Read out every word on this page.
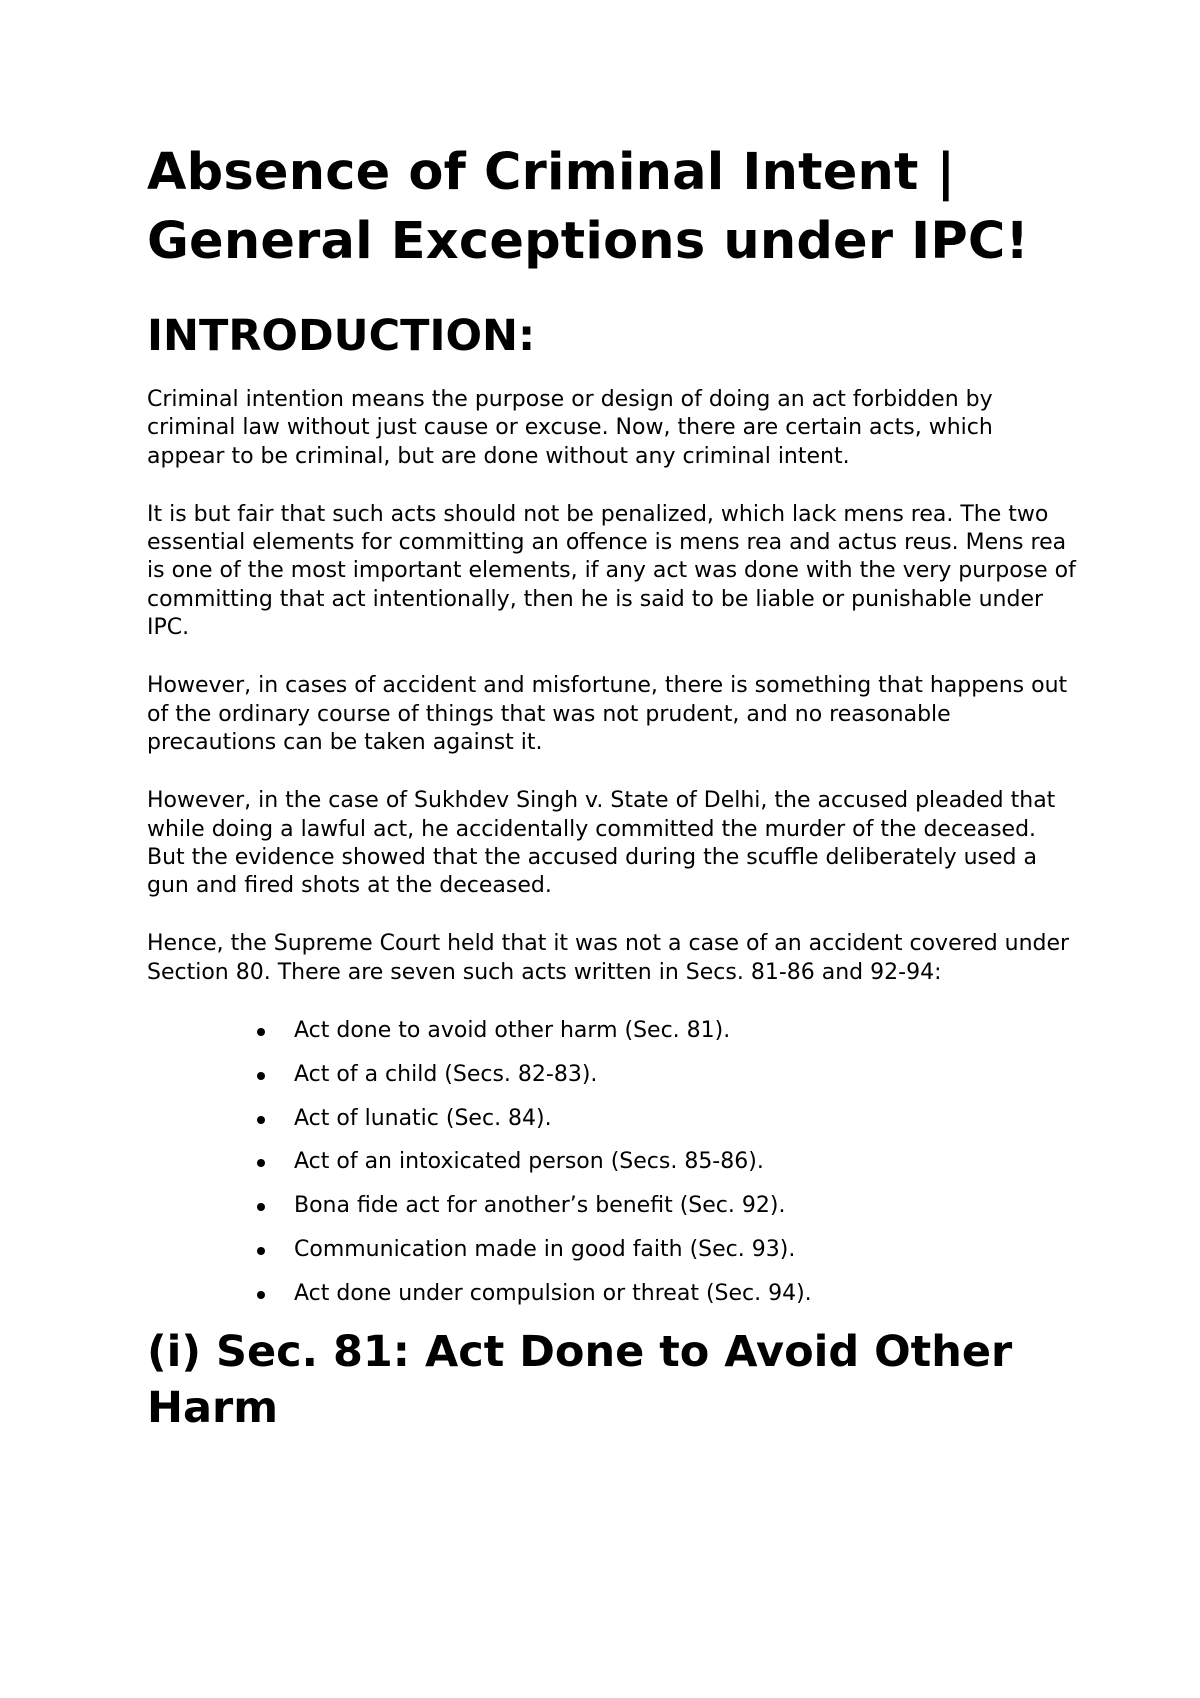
Absence of Criminal Intent | General Exceptions under IPC!
INTRODUCTION:

Criminal intention means the purpose or design of doing an act forbidden by criminal law without just cause or excuse. Now, there are certain acts, which appear to be criminal, but are done without any criminal intent.

It is but fair that such acts should not be penalized, which lack mens rea. The two essential elements for committing an offence is mens rea and actus reus. Mens rea is one of the most important elements, if any act was done with the very purpose of committing that act intentionally, then he is said to be liable or punishable under IPC.

However, in cases of accident and misfortune, there is something that happens out of the ordinary course of things that was not prudent, and no reasonable precautions can be taken against it.

However, in the case of Sukhdev Singh v. State of Delhi, the accused pleaded that while doing a lawful act, he accidentally committed the murder of the deceased. But the evidence showed that the accused during the scuffle deliberately used a gun and fired shots at the deceased.

Hence, the Supreme Court held that it was not a case of an accident covered under Section 80. There are seven such acts written in Secs. 81-86 and 92-94:

Act done to avoid other harm (Sec. 81).
Act of a child (Secs. 82-83).
Act of lunatic (Sec. 84).
Act of an intoxicated person (Secs. 85-86).
Bona fide act for another’s benefit (Sec. 92).
Communication made in good faith (Sec. 93).
Act done under compulsion or threat (Sec. 94).
(i) Sec. 81: Act Done to Avoid Other Harm
